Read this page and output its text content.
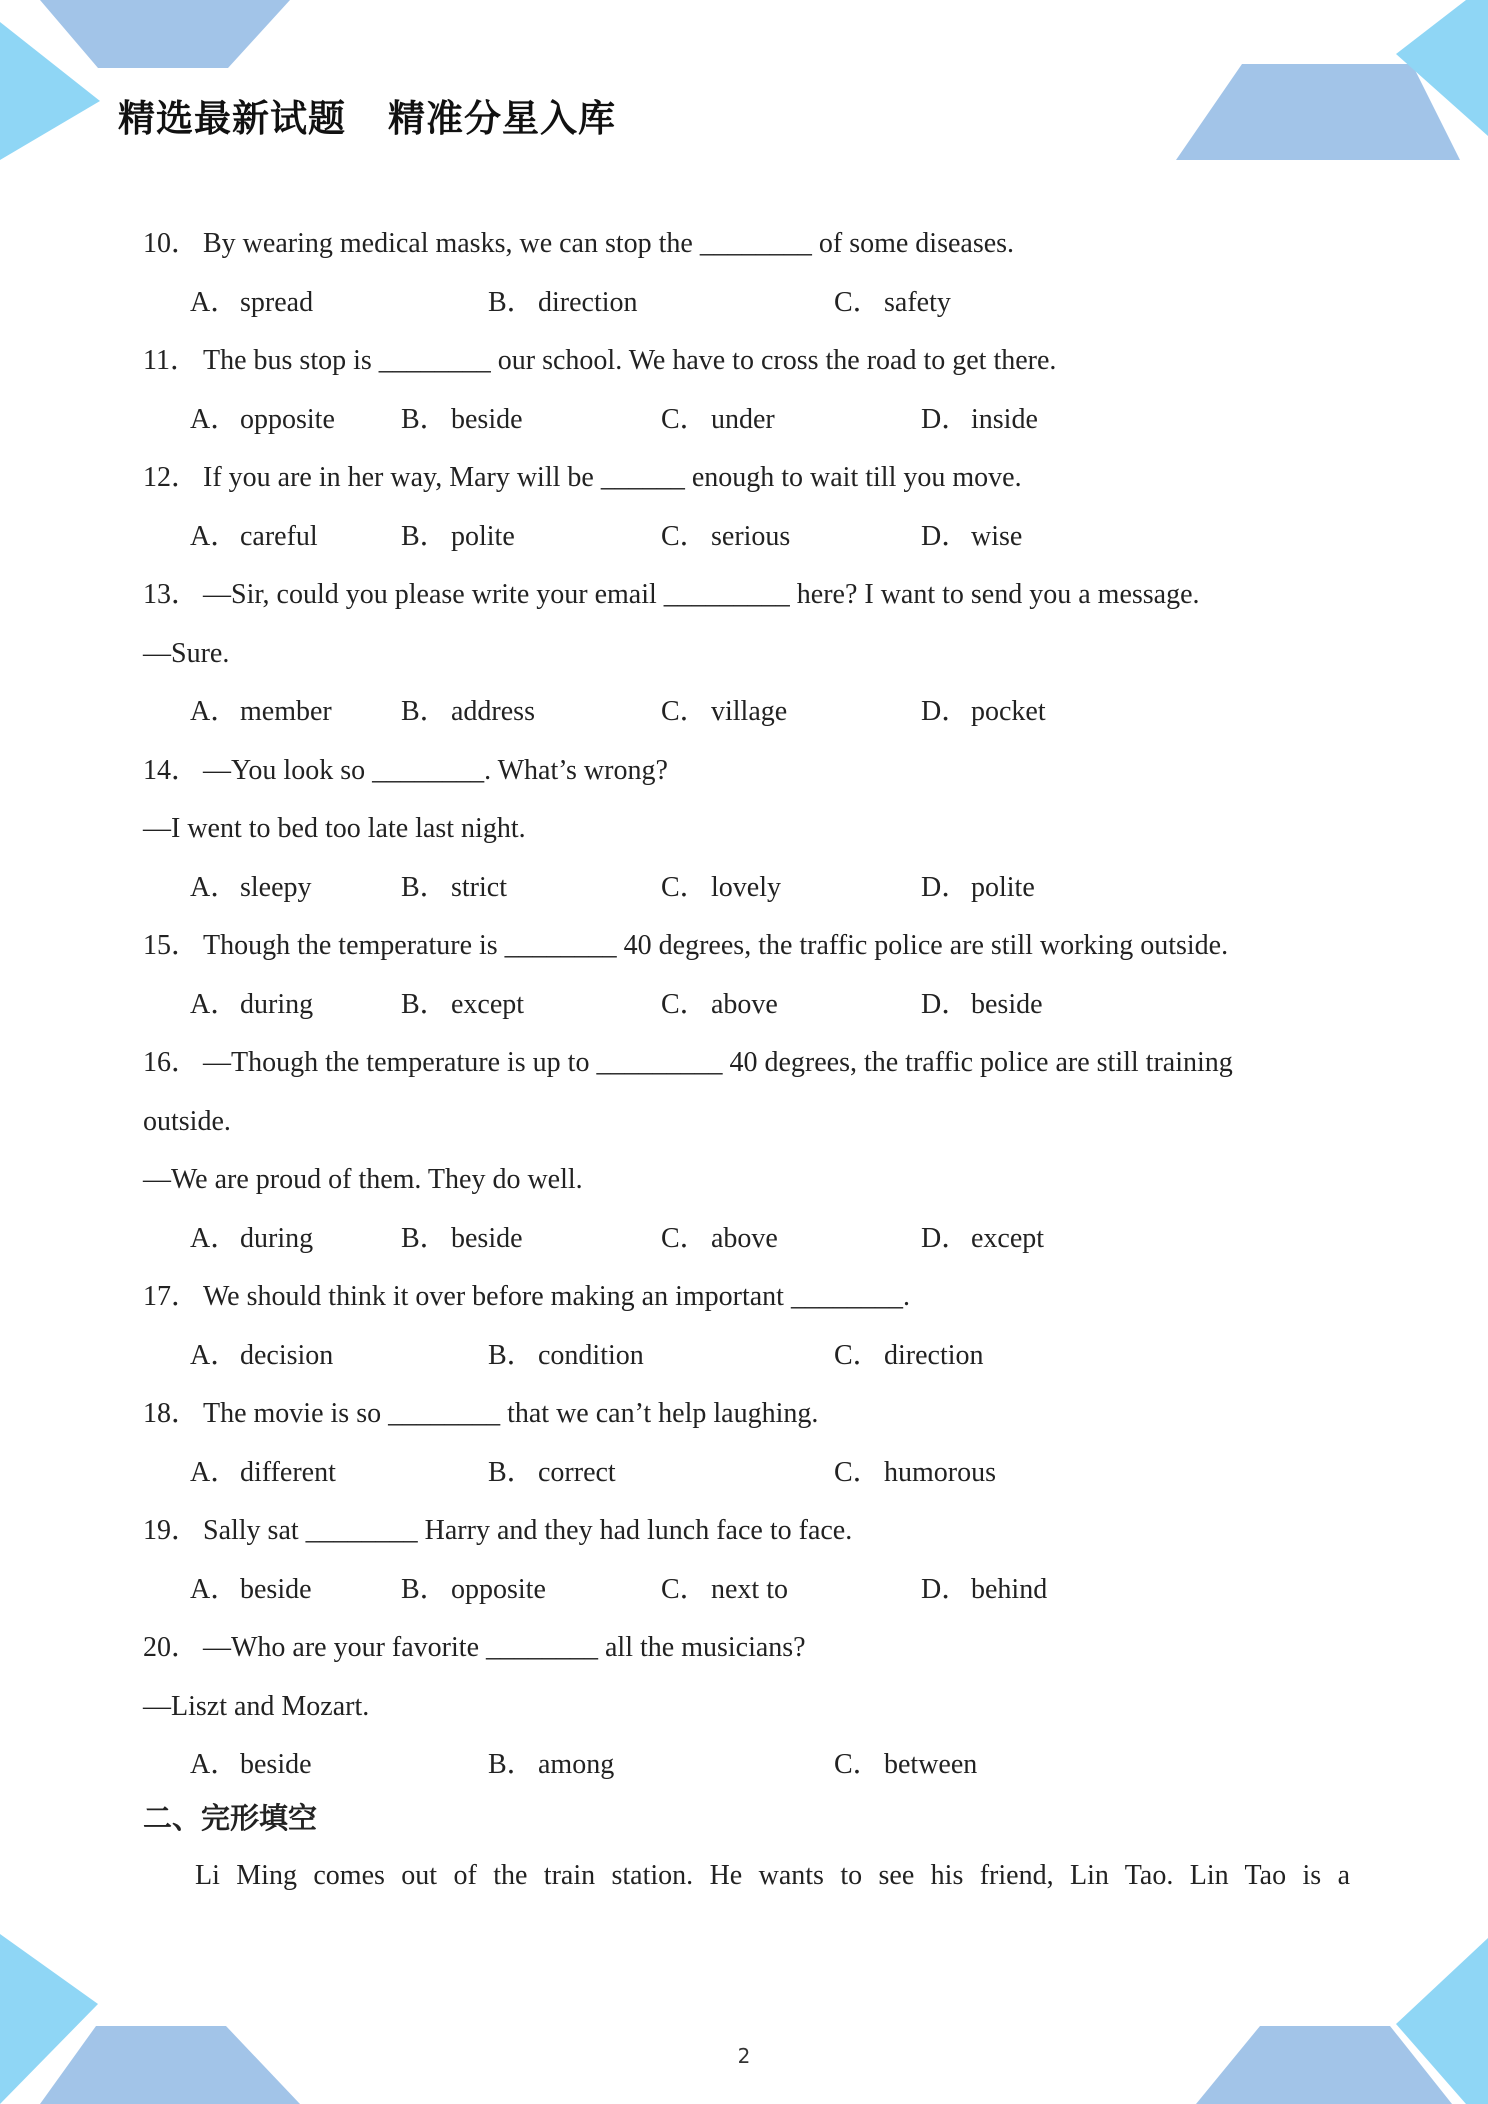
精选最新试题 精准分星入库
10． By wearing medical masks, we can stop the ________ of some diseases.
A．spread	B． direction	C． safety
11． The bus stop is ________ our school. We have to cross the road to get there.
A．opposite B． beside	C． under	D．inside
12． If you are in her way, Mary will be ______ enough to wait till you move.
A．careful	B． polite	C． serious	D．wise
13． —Sir, could you please write your email _________ here? I want to send you a message.
—Sure.
A．member B． address	C． village	D．pocket
14． —You look so ________. What’s wrong?
—I went to bed too late last night.
A．sleepy	B． strict	C． lovely	D．polite
15． Though the temperature is ________ 40 degrees, the traffic police are still working outside.
A．during	B． except	C． above	D．beside
16． —Though the temperature is up to _________ 40 degrees, the traffic police are still training
outside.
—We are proud of them. They do well.
A．during	B． beside	C． above	D．except
17． We should think it over before making an important ________.
A．decision	B． condition	C． direction
18． The movie is so ________ that we can’t help laughing.
A．different	B． correct	C． humorous
19． Sally sat ________ Harry and they had lunch face to face.
A．beside	B． opposite	C． next to	D．behind
20． —Who are your favorite ________ all the musicians?
—Liszt and Mozart.
A．beside	B． among	C． between
二、完形填空
Li Ming comes out of the train station. He wants to see his friend, Lin Tao. Lin Tao is a
2
